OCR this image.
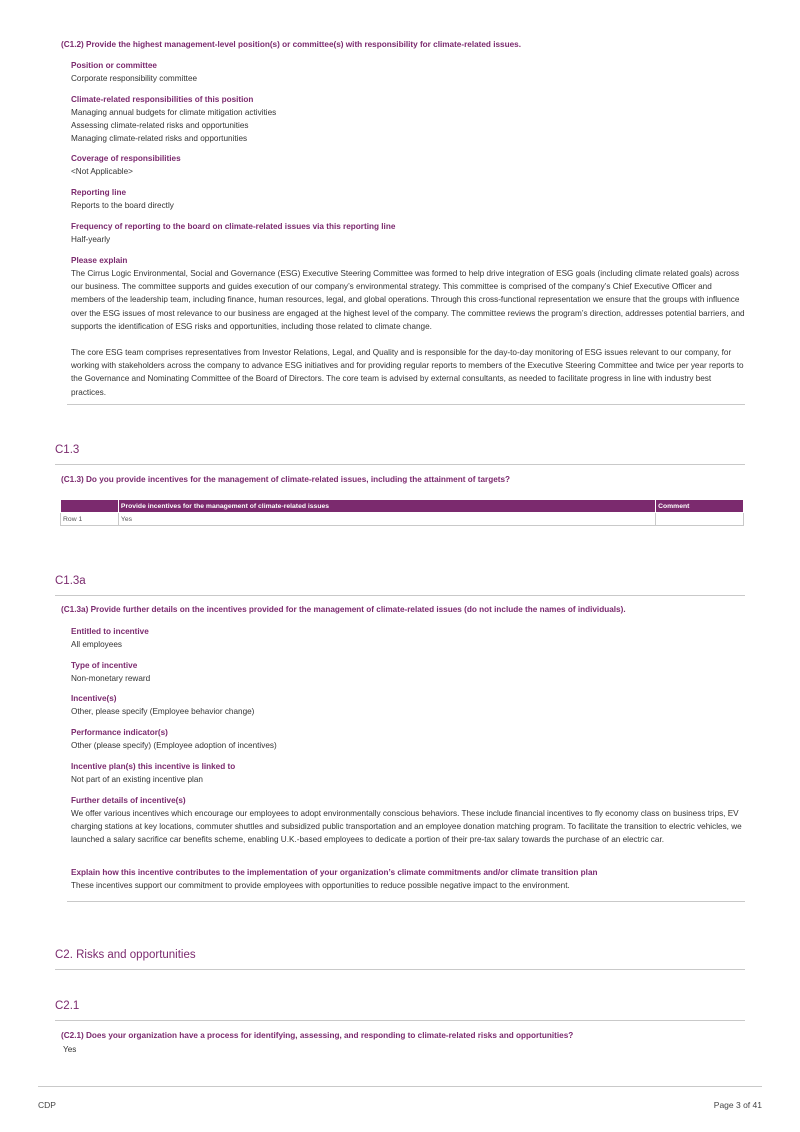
(C1.2) Provide the highest management-level position(s) or committee(s) with responsibility for climate-related issues.
Position or committee
Corporate responsibility committee
Climate-related responsibilities of this position
Managing annual budgets for climate mitigation activities
Assessing climate-related risks and opportunities
Managing climate-related risks and opportunities
Coverage of responsibilities
<Not Applicable>
Reporting line
Reports to the board directly
Frequency of reporting to the board on climate-related issues via this reporting line
Half-yearly
Please explain
The Cirrus Logic Environmental, Social and Governance (ESG) Executive Steering Committee was formed to help drive integration of ESG goals (including climate related goals) across our business. The committee supports and guides execution of our company’s environmental strategy. This committee is comprised of the company’s Chief Executive Officer and members of the leadership team, including finance, human resources, legal, and global operations. Through this cross-functional representation we ensure that the groups with influence over the ESG issues of most relevance to our business are engaged at the highest level of the company. The committee reviews the program’s direction, addresses potential barriers, and supports the identification of ESG risks and opportunities, including those related to climate change.
The core ESG team comprises representatives from Investor Relations, Legal, and Quality and is responsible for the day-to-day monitoring of ESG issues relevant to our company, for working with stakeholders across the company to advance ESG initiatives and for providing regular reports to members of the Executive Steering Committee and twice per year reports to the Governance and Nominating Committee of the Board of Directors. The core team is advised by external consultants, as needed to facilitate progress in line with industry best practices.
C1.3
(C1.3) Do you provide incentives for the management of climate-related issues, including the attainment of targets?
	Provide incentives for the management of climate-related issues	Comment
Row 1	Yes	
C1.3a
(C1.3a) Provide further details on the incentives provided for the management of climate-related issues (do not include the names of individuals).
Entitled to incentive
All employees
Type of incentive
Non-monetary reward
Incentive(s)
Other, please specify (Employee behavior change)
Performance indicator(s)
Other (please specify) (Employee adoption of incentives)
Incentive plan(s) this incentive is linked to
Not part of an existing incentive plan
Further details of incentive(s)
We offer various incentives which encourage our employees to adopt environmentally conscious behaviors. These include financial incentives to fly economy class on business trips, EV charging stations at key locations, commuter shuttles and subsidized public transportation and an employee donation matching program. To facilitate the transition to electric vehicles, we launched a salary sacrifice car benefits scheme, enabling U.K.-based employees to dedicate a portion of their pre-tax salary towards the purchase of an electric car.
Explain how this incentive contributes to the implementation of your organization’s climate commitments and/or climate transition plan
These incentives support our commitment to provide employees with opportunities to reduce possible negative impact to the environment.
C2. Risks and opportunities
C2.1
(C2.1) Does your organization have a process for identifying, assessing, and responding to climate-related risks and opportunities?
Yes
CDP	Page 3 of 41
